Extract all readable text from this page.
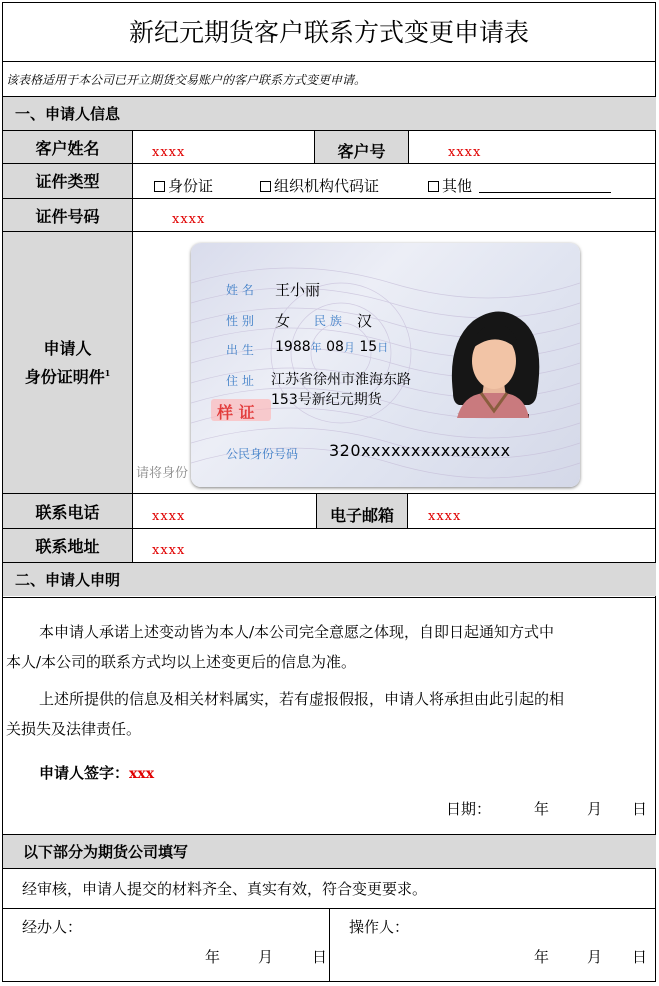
新纪元期货客户联系方式变更申请表
该表格适用于本公司已开立期货交易账户的客户联系方式变更申请。
一、申请人信息
客户姓名	xxxx	客户号	xxxx
证件类型	身份证	组织机构代码证	其他
证件号码	xxxx
申请人
身份证明件$^1$
请将身份
姓 名 王小丽
性 别 女 民 族 汉
出 生 1988年 08月 15日
住 址 江苏省徐州市淮海东路
153号新纪元期货
样 证
公民身份号码 320xxxxxxxxxxxxxxx
联系电话	xxxx	电子邮箱	xxxx
联系地址	xxxx
二、申请人申明
本申请人承诺上述变动皆为本人/本公司完全意愿之体现，自即日起通知方式中
本人/本公司的联系方式均以上述变更后的信息为准。
上述所提供的信息及相关材料属实，若有虚报假报，申请人将承担由此引起的相
关损失及法律责任。
申请人签字：xxx
日期：	年	月 日
以下部分为期货公司填写
经审核，申请人提交的材料齐全、真实有效，符合变更要求。
经办人：
年	月	日
操作人：
年	月 日
